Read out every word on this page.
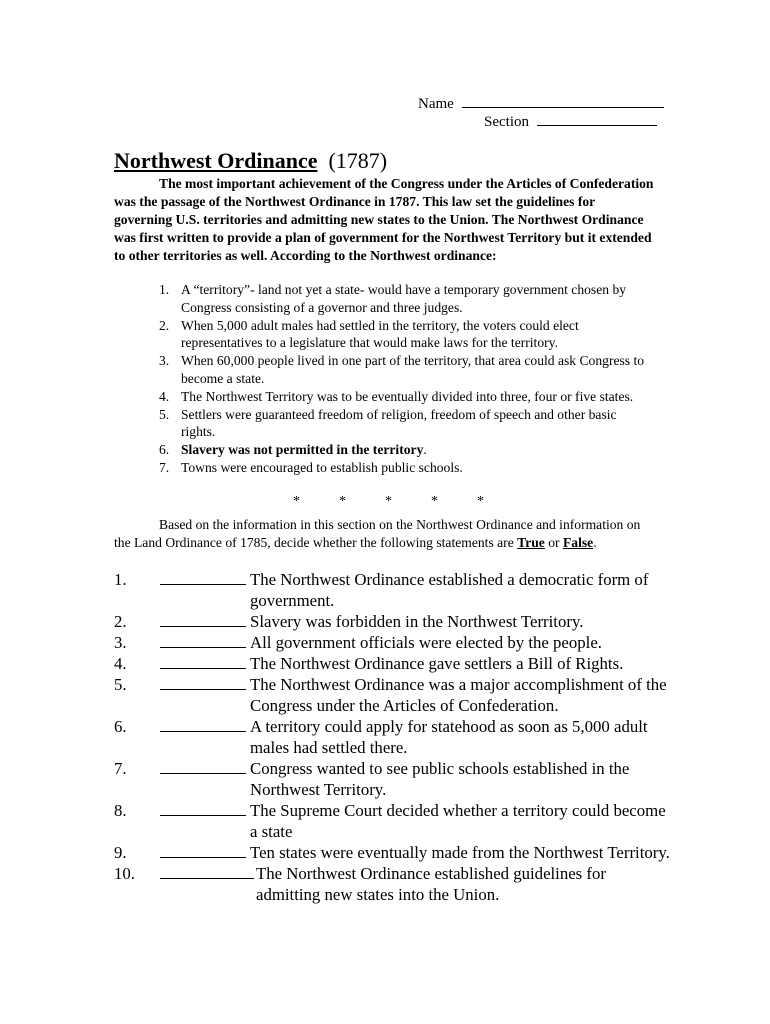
Name
Section
Northwest Ordinance (1787)

The most important achievement of the Congress under the Articles of Confederation was the passage of the Northwest Ordinance in 1787. This law set the guidelines for governing U.S. territories and admitting new states to the Union. The Northwest Ordinance was first written to provide a plan of government for the Northwest Territory but it extended to other territories as well. According to the Northwest ordinance:

1. A “territory”- land not yet a state- would have a temporary government chosen by Congress consisting of a governor and three judges.
2. When 5,000 adult males had settled in the territory, the voters could elect representatives to a legislature that would make laws for the territory.
3. When 60,000 people lived in one part of the territory, that area could ask Congress to become a state.
4. The Northwest Territory was to be eventually divided into three, four or five states.
5. Settlers were guaranteed freedom of religion, freedom of speech and other basic rights.
6. Slavery was not permitted in the territory.
7. Towns were encouraged to establish public schools.
*	*	*	*	*

Based on the information in this section on the Northwest Ordinance and information on the Land Ordinance of 1785, decide whether the following statements are True or False.

1.	The Northwest Ordinance established a democratic form of government.
2.	Slavery was forbidden in the Northwest Territory.
3.	All government officials were elected by the people.
4.	The Northwest Ordinance gave settlers a Bill of Rights.
5.	The Northwest Ordinance was a major accomplishment of the Congress under the Articles of Confederation.
6.	A territory could apply for statehood as soon as 5,000 adult males had settled there.
7.	Congress wanted to see public schools established in the Northwest Territory.
8.	The Supreme Court decided whether a territory could become a state
9.	Ten states were eventually made from the Northwest Territory.
10.	The Northwest Ordinance established guidelines for admitting new states into the Union.
